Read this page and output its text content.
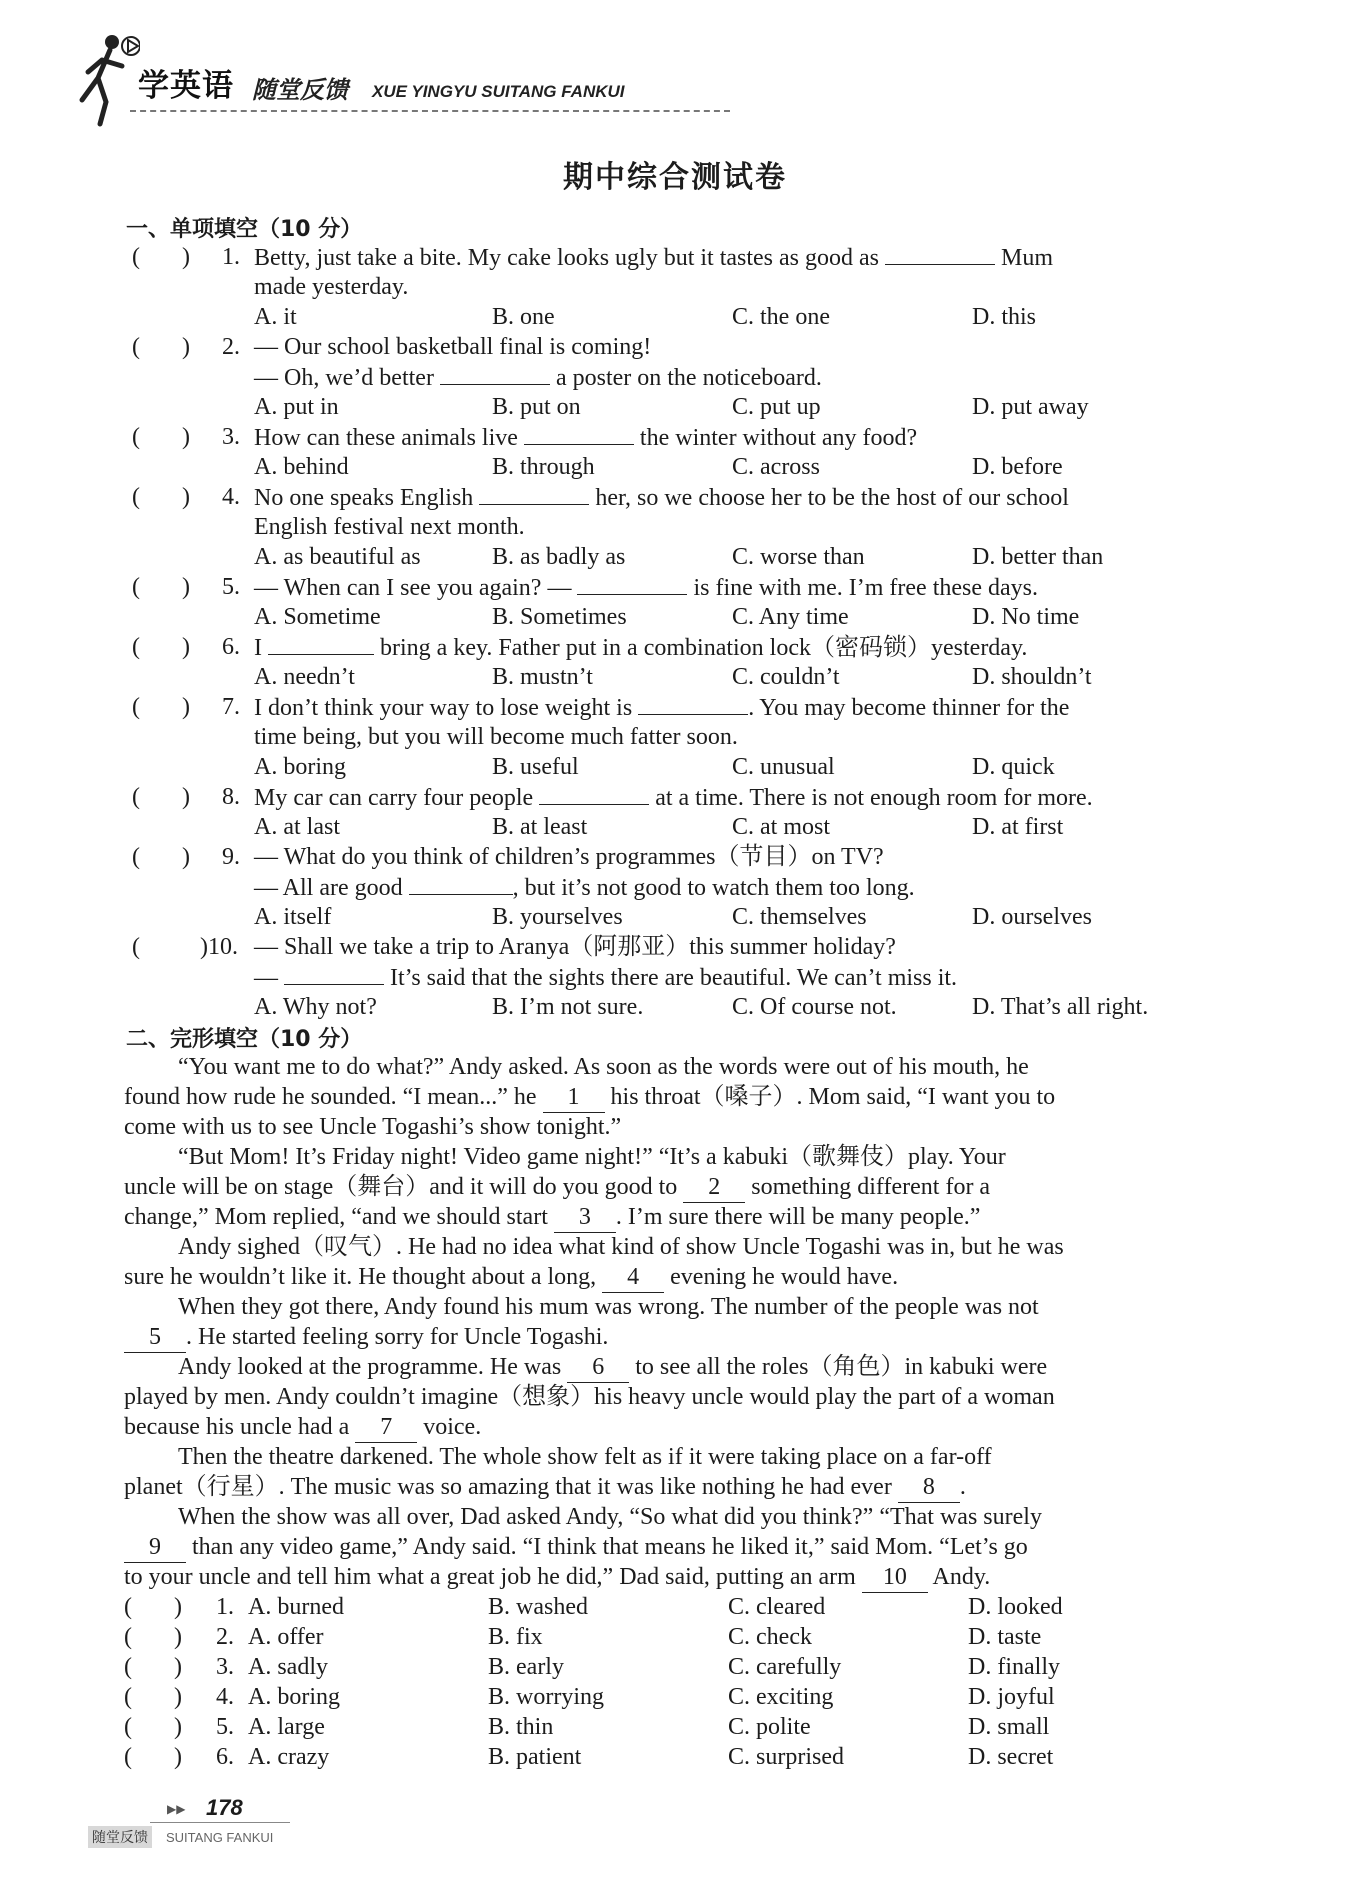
学英语 随堂反馈 XUE YINGYU SUITANG FANKUI
期中综合测试卷
一、单项填空（10 分）
(       ) 1. Betty, just take a bite. My cake looks ugly but it tastes as good as	Mum
made yesterday.
A. it	B. one	C. the one	D. this
(       ) 2. — Our school basketball final is coming!
— Oh, we’d better	a poster on the noticeboard.
A. put in	B. put on	C. put up	D. put away
(       ) 3. How can these animals live	the winter without any food?
A. behind	B. through	C. across	D. before
(       ) 4. No one speaks English	her, so we choose her to be the host of our school
English festival next month.
A. as beautiful as	B. as badly as	C. worse than	D. better than
(       ) 5. — When can I see you again? —	is fine with me. I’m free these days.
A. Sometime	B. Sometimes	C. Any time	D. No time
(       ) 6. I	bring a key. Father put in a combination lock（密码锁）yesterday.
A. needn’t	B. mustn’t	C. couldn’t	D. shouldn’t
(       ) 7. I don’t think your way to lose weight is	. You may become thinner for the
time being, but you will become much fatter soon.
A. boring	B. useful	C. unusual	D. quick
(       ) 8. My car can carry four people	at a time. There is not enough room for more.
A. at last	B. at least	C. at most	D. at first
(       ) 9. — What do you think of children’s programmes（节目）on TV?
— All are good	, but it’s not good to watch them too long.
A. itself	B. yourselves	C. themselves	D. ourselves
( )10. — Shall we take a trip to Aranya（阿那亚）this summer holiday?
—	It’s said that the sights there are beautiful. We can’t miss it.
A. Why not?	B. I’m not sure.	C. Of course not.	D. That’s all right.
二、完形填空（10 分）
“You want me to do what?” Andy asked. As soon as the words were out of his mouth, he
found how rude he sounded. “I mean...” he 1 his throat（嗓子）. Mom said, “I want you to
come with us to see Uncle Togashi’s show tonight.”
“But Mom! It’s Friday night! Video game night!” “It’s a kabuki（歌舞伎）play. Your
uncle will be on stage（舞台）and it will do you good to 2 something different for a
change,” Mom replied, “and we should start 3 . I’m sure there will be many people.”
Andy sighed（叹气）. He had no idea what kind of show Uncle Togashi was in, but he was
sure he wouldn’t like it. He thought about a long, 4 evening he would have.
When they got there, Andy found his mum was wrong. The number of the people was not
5 . He started feeling sorry for Uncle Togashi.
Andy looked at the programme. He was 6 to see all the roles（角色）in kabuki were
played by men. Andy couldn’t imagine（想象）his heavy uncle would play the part of a woman
because his uncle had a 7 voice.
Then the theatre darkened. The whole show felt as if it were taking place on a far-off
planet（行星）. The music was so amazing that it was like nothing he had ever 8 .
When the show was all over, Dad asked Andy, “So what did you think?” “That was surely
9 than any video game,” Andy said. “I think that means he liked it,” said Mom. “Let’s go
to your uncle and tell him what a great job he did,” Dad said, putting an arm 10 Andy.
(       ) 1. A. burned	B. washed	C. cleared	D. looked
(       ) 2. A. offer	B. fix	C. check	D. taste
(       ) 3. A. sadly	B. early	C. carefully	D. finally
(       ) 4. A. boring	B. worrying	C. exciting	D. joyful
(       ) 5. A. large	B. thin	C. polite	D. small
(       ) 6. A. crazy	B. patient	C. surprised	D. secret
▶▶ 178
随堂反馈	SUITANG FANKUI
